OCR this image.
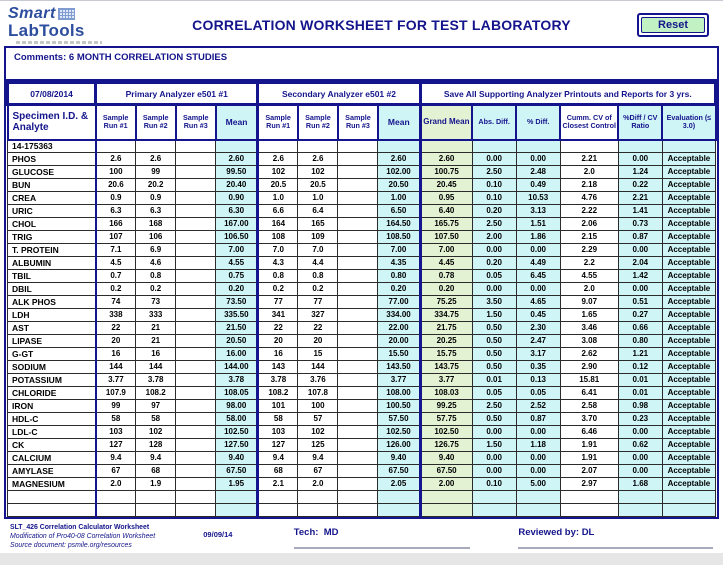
Smart
LabTools	CORRELATION WORKSHEET FOR TEST LABORATORY	Reset
Comments: 6 MONTH CORRELATION STUDIES
07/08/2014	Primary Analyzer e501 #1				Secondary Analyzer e501 #2				Save All Supporting Analyzer Printouts and Reports for 3 yrs.					
Specimen I.D. & Analyte	Sample Run #1	Sample Run #2	Sample Run #3	Mean	Sample Run #1	Sample Run #2	Sample Run #3	Mean	Grand Mean	Abs. Diff.	% Diff.	Cumm. CV of Closest Control	%Diff / CV Ratio	Evaluation (≤ 3.0)
14-175363														
PHOS	2.6	2.6		2.60	2.6	2.6		2.60	2.60	0.00	0.00	2.21	0.00	Acceptable
GLUCOSE	100	99		99.50	102	102		102.00	100.75	2.50	2.48	2.0	1.24	Acceptable
BUN	20.6	20.2		20.40	20.5	20.5		20.50	20.45	0.10	0.49	2.18	0.22	Acceptable
CREA	0.9	0.9		0.90	1.0	1.0		1.00	0.95	0.10	10.53	4.76	2.21	Acceptable
URIC	6.3	6.3		6.30	6.6	6.4		6.50	6.40	0.20	3.13	2.22	1.41	Acceptable
CHOL	166	168		167.00	164	165		164.50	165.75	2.50	1.51	2.06	0.73	Acceptable
TRIG	107	106		106.50	108	109		108.50	107.50	2.00	1.86	2.15	0.87	Acceptable
T. PROTEIN	7.1	6.9		7.00	7.0	7.0		7.00	7.00	0.00	0.00	2.29	0.00	Acceptable
ALBUMIN	4.5	4.6		4.55	4.3	4.4		4.35	4.45	0.20	4.49	2.2	2.04	Acceptable
TBIL	0.7	0.8		0.75	0.8	0.8		0.80	0.78	0.05	6.45	4.55	1.42	Acceptable
DBIL	0.2	0.2		0.20	0.2	0.2		0.20	0.20	0.00	0.00	2.0	0.00	Acceptable
ALK PHOS	74	73		73.50	77	77		77.00	75.25	3.50	4.65	9.07	0.51	Acceptable
LDH	338	333		335.50	341	327		334.00	334.75	1.50	0.45	1.65	0.27	Acceptable
AST	22	21		21.50	22	22		22.00	21.75	0.50	2.30	3.46	0.66	Acceptable
LIPASE	20	21		20.50	20	20		20.00	20.25	0.50	2.47	3.08	0.80	Acceptable
G-GT	16	16		16.00	16	15		15.50	15.75	0.50	3.17	2.62	1.21	Acceptable
SODIUM	144	144		144.00	143	144		143.50	143.75	0.50	0.35	2.90	0.12	Acceptable
POTASSIUM	3.77	3.78		3.78	3.78	3.76		3.77	3.77	0.01	0.13	15.81	0.01	Acceptable
CHLORIDE	107.9	108.2		108.05	108.2	107.8		108.00	108.03	0.05	0.05	6.41	0.01	Acceptable
IRON	99	97		98.00	101	100		100.50	99.25	2.50	2.52	2.58	0.98	Acceptable
HDL-C	58	58		58.00	58	57		57.50	57.75	0.50	0.87	3.70	0.23	Acceptable
LDL-C	103	102		102.50	103	102		102.50	102.50	0.00	0.00	6.46	0.00	Acceptable
CK	127	128		127.50	127	125		126.00	126.75	1.50	1.18	1.91	0.62	Acceptable
CALCIUM	9.4	9.4		9.40	9.4	9.4		9.40	9.40	0.00	0.00	1.91	0.00	Acceptable
AMYLASE	67	68		67.50	68	67		67.50	67.50	0.00	0.00	2.07	0.00	Acceptable
MAGNESIUM	2.0	1.9		1.95	2.1	2.0		2.05	2.00	0.10	5.00	2.97	1.68	Acceptable

SLT_426 Correlation Calculator Worksheet
Modification of Pro40-08 Correlation Worksheet
Source document: psmile.org/resources
09/09/14	Tech: MD	Reviewed by: DL
